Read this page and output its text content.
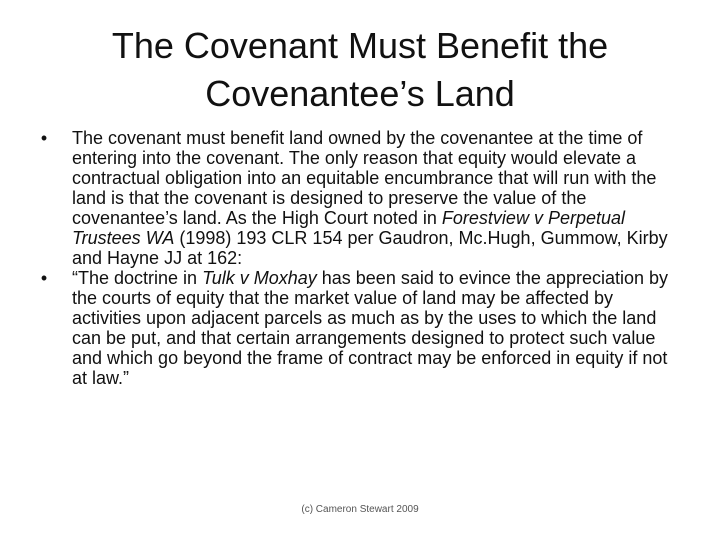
The Covenant Must Benefit the
Covenantee’s Land
• The covenant must benefit land owned by the covenantee at the time of entering into the covenant. The only reason that equity would elevate a contractual obligation into an equitable encumbrance that will run with the land is that the covenant is designed to preserve the value of the covenantee’s land. As the High Court noted in Forestview v Perpetual Trustees WA (1998) 193 CLR 154 per Gaudron, Mc.Hugh, Gummow, Kirby and Hayne JJ at 162:
• “The doctrine in Tulk v Moxhay has been said to evince the appreciation by the courts of equity that the market value of land may be affected by activities upon adjacent parcels as much as by the uses to which the land can be put, and that certain arrangements designed to protect such value and which go beyond the frame of contract may be enforced in equity if not at law.”
(c) Cameron Stewart 2009
